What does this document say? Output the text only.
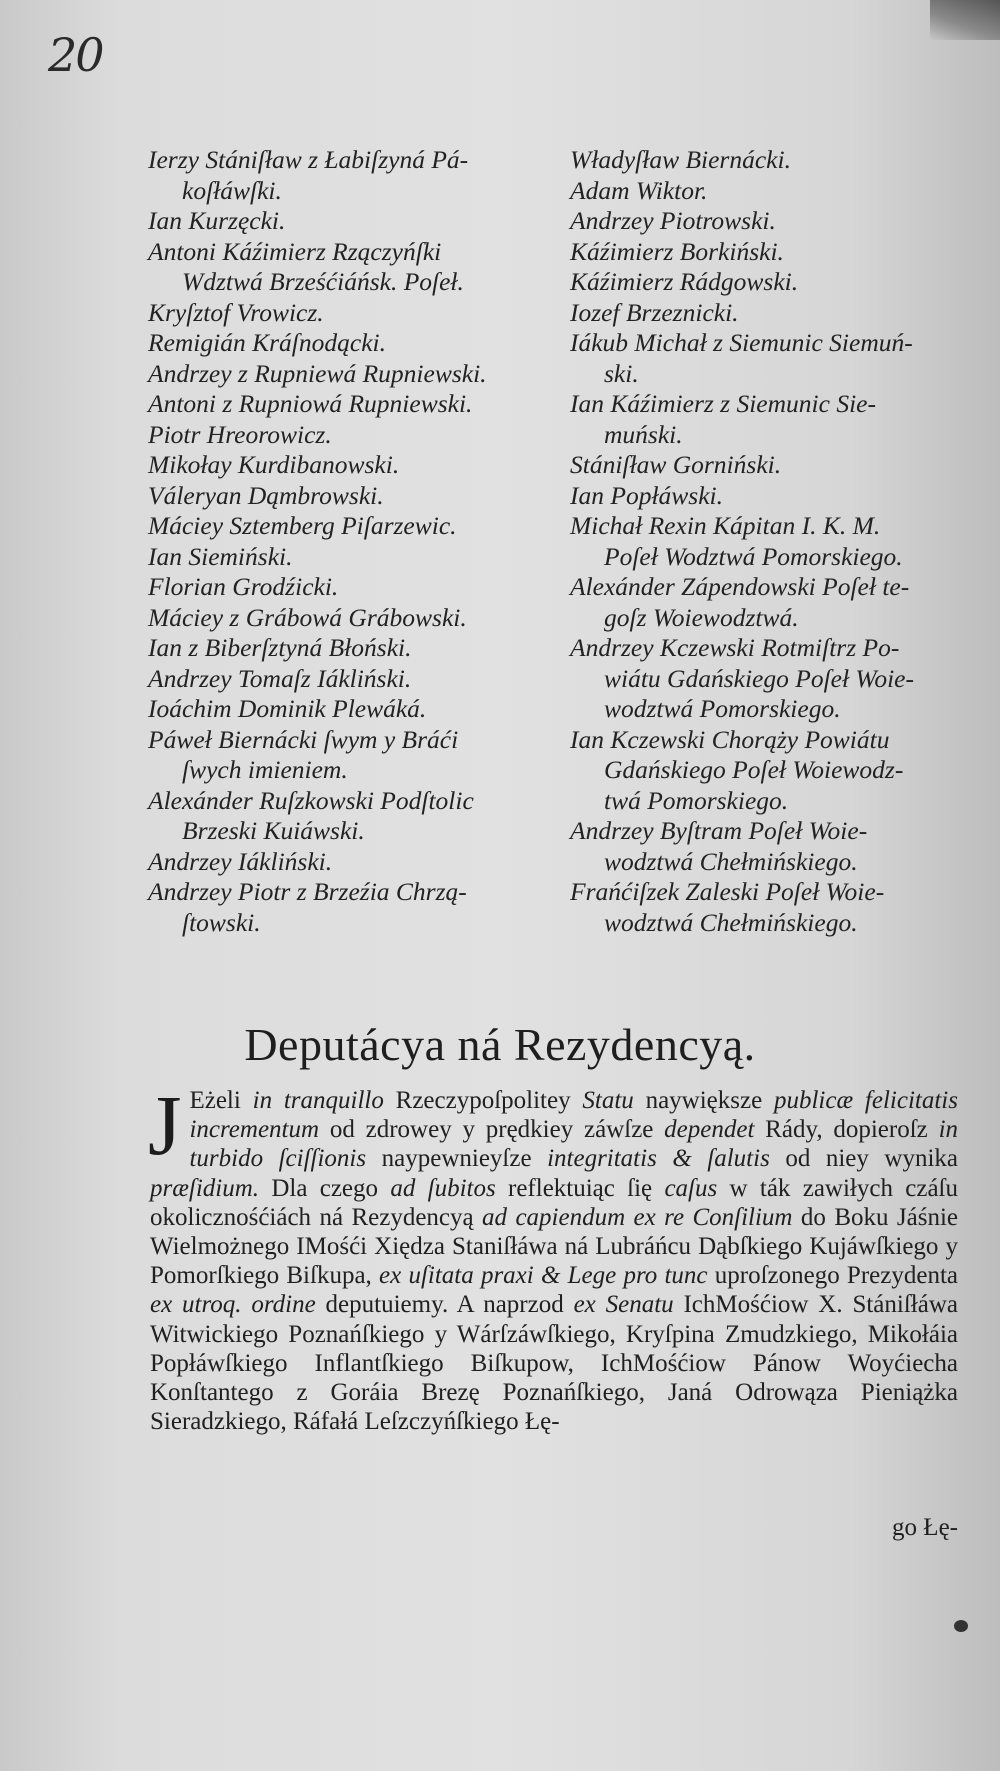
20
Ierzy Stániſław z Łabiſzyná Pá-
koſłáwſki.
Ian Kurzęcki.
Antoni Káźimierz Rzączyńſki
Wdztwá Brześćiáńsk. Poſeł.
Kryſztof Vrowicz.
Remigián Kráſnodącki.
Andrzey z Rupniewá Rupniewski.
Antoni z Rupniowá Rupniewski.
Piotr Hreorowicz.
Mikołay Kurdibanowski.
Váleryan Dąmbrowski.
Máciey Sztemberg Piſarzewic.
Ian Siemiński.
Florian Grodźicki.
Máciey z Grábowá Grábowski.
Ian z Biberſztyná Błoński.
Andrzey Tomaſz Iákliński.
Ioáchim Dominik Plewáká.
Páweł Biernácki ſwym y Bráći
ſwych imieniem.
Alexánder Ruſzkowski Podſtolic
Brzeski Kuiáwski.
Andrzey Iákliński.
Andrzey Piotr z Brzeźia Chrzą-
ſtowski.
Władyſław Biernácki.
Adam Wiktor.
Andrzey Piotrowski.
Káźimierz Borkiński.
Káźimierz Rádgowski.
Iozef Brzeznicki.
Iákub Michał z Siemunic Siemuń-
ski.
Ian Káźimierz z Siemunic Sie-
muński.
Stániſław Gorniński.
Ian Popłáwski.
Michał Rexin Kápitan I. K. M.
Poſeł Wodztwá Pomorskiego.
Alexánder Zápendowski Poſeł te-
goſz Woiewodztwá.
Andrzey Kczewski Rotmiſtrz Po-
wiátu Gdańskiego Poſeł Woie-
wodztwá Pomorskiego.
Ian Kczewski Chorąży Powiátu
Gdańskiego Poſeł Woiewodz-
twá Pomorskiego.
Andrzey Byſtram Poſeł Woie-
wodztwá Chełmińskiego.
Frańćiſzek Zaleski Poſeł Woie-
wodztwá Chełmińskiego.
Deputácya ná Rezydencyą.
J Eżeli in tranquillo Rzeczypoſpolitey Statu naywiększe publicæ felicitatis incrementum od zdrowey y prędkiey záwſze dependet Rády, dopieroſz in turbido ſciſſionis naypewnieyſze integritatis & ſalutis od niey wynika præſidium. Dla czego ad ſubitos reflektuiąc ſię caſus w ták zawiłych czáſu okolicznośćiách ná Rezydencyą ad capiendum ex re Conſilium do Boku Jáśnie Wielmożnego IMośći Xiędza Staniſłáwa ná Lubráńcu Dąbſkiego Kujáwſkiego y Pomorſkiego Biſkupa, ex uſitata praxi & Lege pro tunc uproſzonego Prezydenta ex utroq. ordine deputuiemy. A naprzod ex Senatu IchMośćiow X. Stániſłáwa Witwickiego Poznańſkiego y Wárſzáwſkiego, Kryſpina Zmudzkiego, Mikołáia Popłáwſkiego Inflantſkiego Biſkupow, IchMośćiow Pánow Woyćiecha Konſtantego z Goráia Brezę Poznańſkiego, Janá Odrowąza Pieniążka Sieradzkiego, Ráfałá Leſzczyńſkiego Łę-
go Łę-
